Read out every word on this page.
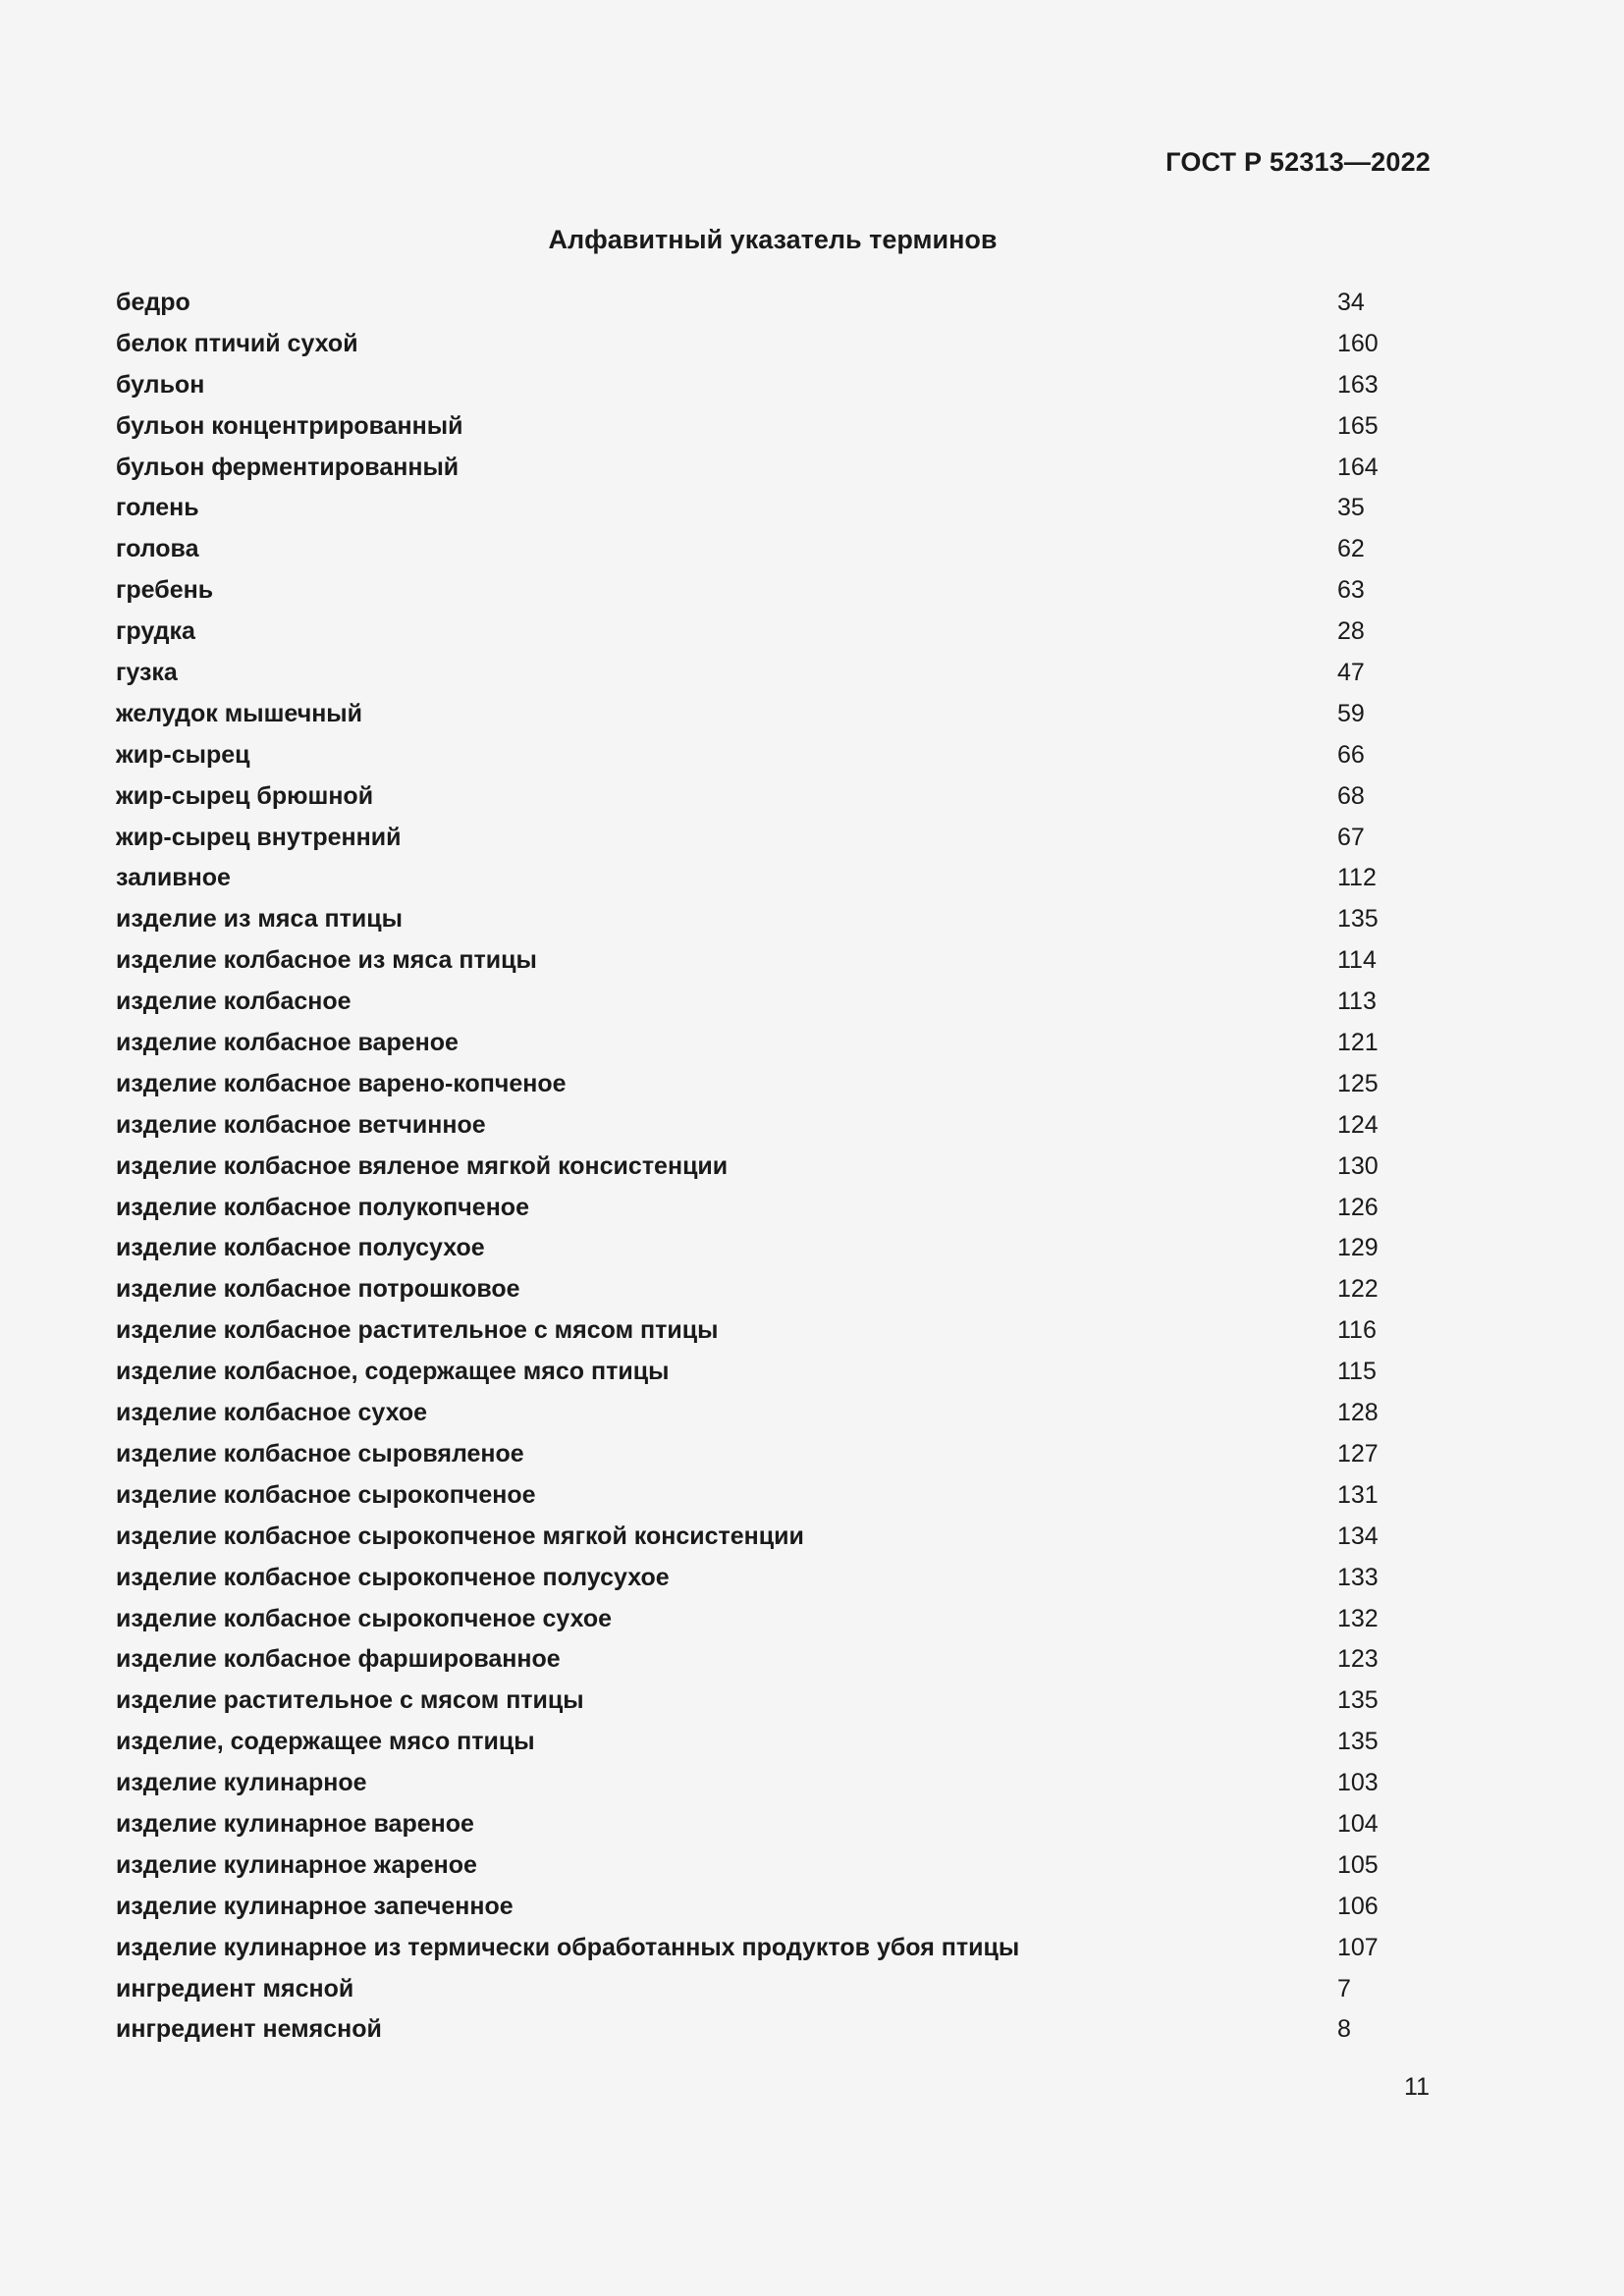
ГОСТ Р 52313—2022
Алфавитный указатель терминов
бедро	34
белок птичий сухой	160
бульон	163
бульон концентрированный	165
бульон ферментированный	164
голень	35
голова	62
гребень	63
грудка	28
гузка	47
желудок мышечный	59
жир-сырец	66
жир-сырец брюшной	68
жир-сырец внутренний	67
заливное	112
изделие из мяса птицы	135
изделие колбасное из мяса птицы	114
изделие колбасное	113
изделие колбасное вареное	121
изделие колбасное варено-копченое	125
изделие колбасное ветчинное	124
изделие колбасное вяленое мягкой консистенции	130
изделие колбасное полукопченое	126
изделие колбасное полусухое	129
изделие колбасное потрошковое	122
изделие колбасное растительное с мясом птицы	116
изделие колбасное, содержащее мясо птицы	115
изделие колбасное сухое	128
изделие колбасное сыровяленое	127
изделие колбасное сырокопченое	131
изделие колбасное сырокопченое мягкой консистенции	134
изделие колбасное сырокопченое полусухое	133
изделие колбасное сырокопченое сухое	132
изделие колбасное фаршированное	123
изделие растительное с мясом птицы	135
изделие, содержащее мясо птицы	135
изделие кулинарное	103
изделие кулинарное вареное	104
изделие кулинарное жареное	105
изделие кулинарное запеченное	106
изделие кулинарное из термически обработанных продуктов убоя птицы	107
ингредиент мясной	7
ингредиент немясной	8
11
